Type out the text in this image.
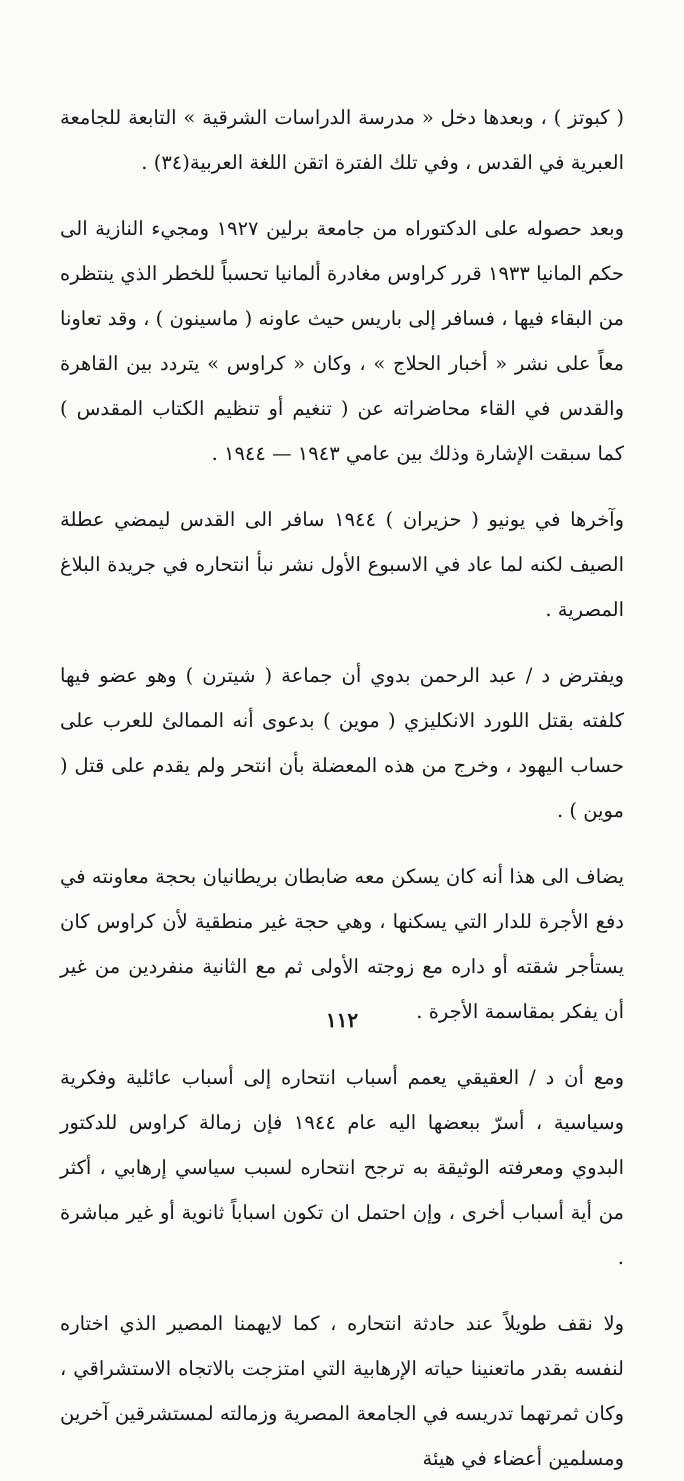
( كبوتز ) ، وبعدها دخل « مدرسة الدراسات الشرقية » التابعة للجامعة العبرية في القدس ، وفي تلك الفترة اتقن اللغة العربية(٣٤) .

وبعد حصوله على الدكتوراه من جامعة برلين ١٩٢٧ ومجيء النازية الى حكم المانيا ١٩٣٣ قرر كراوس مغادرة ألمانيا تحسباً للخطر الذي ينتظره من البقاء فيها ، فسافر إلى باريس حيث عاونه ( ماسينون ) ، وقد تعاونا معاً على نشر « أخبار الحلاج » ، وكان « كراوس » يتردد بين القاهرة والقدس في القاء محاضراته عن ( تنغيم أو تنظيم الكتاب المقدس ) كما سبقت الإشارة وذلك بين عامي ١٩٤٣ — ١٩٤٤ .

وآخرها في يونيو ( حزيران ) ١٩٤٤ سافر الى القدس ليمضي عطلة الصيف لكنه لما عاد في الاسبوع الأول نشر نبأ انتحاره في جريدة البلاغ المصرية .

ويفترض د / عبد الرحمن بدوي أن جماعة ( شيترن ) وهو عضو فيها كلفته بقتل اللورد الانكليزي ( موين ) بدعوى أنه الممالئ للعرب على حساب اليهود ، وخرج من هذه المعضلة بأن انتحر ولم يقدم على قتل ( موين ) .

يضاف الى هذا أنه كان يسكن معه ضابطان بريطانيان بحجة معاونته في دفع الأجرة للدار التي يسكنها ، وهي حجة غير منطقية لأن كراوس كان يستأجر شقته أو داره مع زوجته الأولى ثم مع الثانية منفردين من غير أن يفكر بمقاسمة الأجرة .

ومع أن د / العقيقي يعمم أسباب انتحاره إلى أسباب عائلية وفكرية وسياسية ، أسرّ ببعضها اليه عام ١٩٤٤ فإن زمالة كراوس للدكتور البدوي ومعرفته الوثيقة به ترجح انتحاره لسبب سياسي إرهابي ، أكثر من أية أسباب أخرى ، وإن احتمل ان تكون اسباباً ثانوية أو غير مباشرة .

ولا نقف طويلاً عند حادثة انتحاره ، كما لايهمنا المصير الذي اختاره لنفسه بقدر ماتعنينا حياته الإرهابية التي امتزجت بالاتجاه الاستشراقي ، وكان ثمرتهما تدريسه في الجامعة المصرية وزمالته لمستشرقين آخرين ومسلمين أعضاء في هيئة

١١٢
